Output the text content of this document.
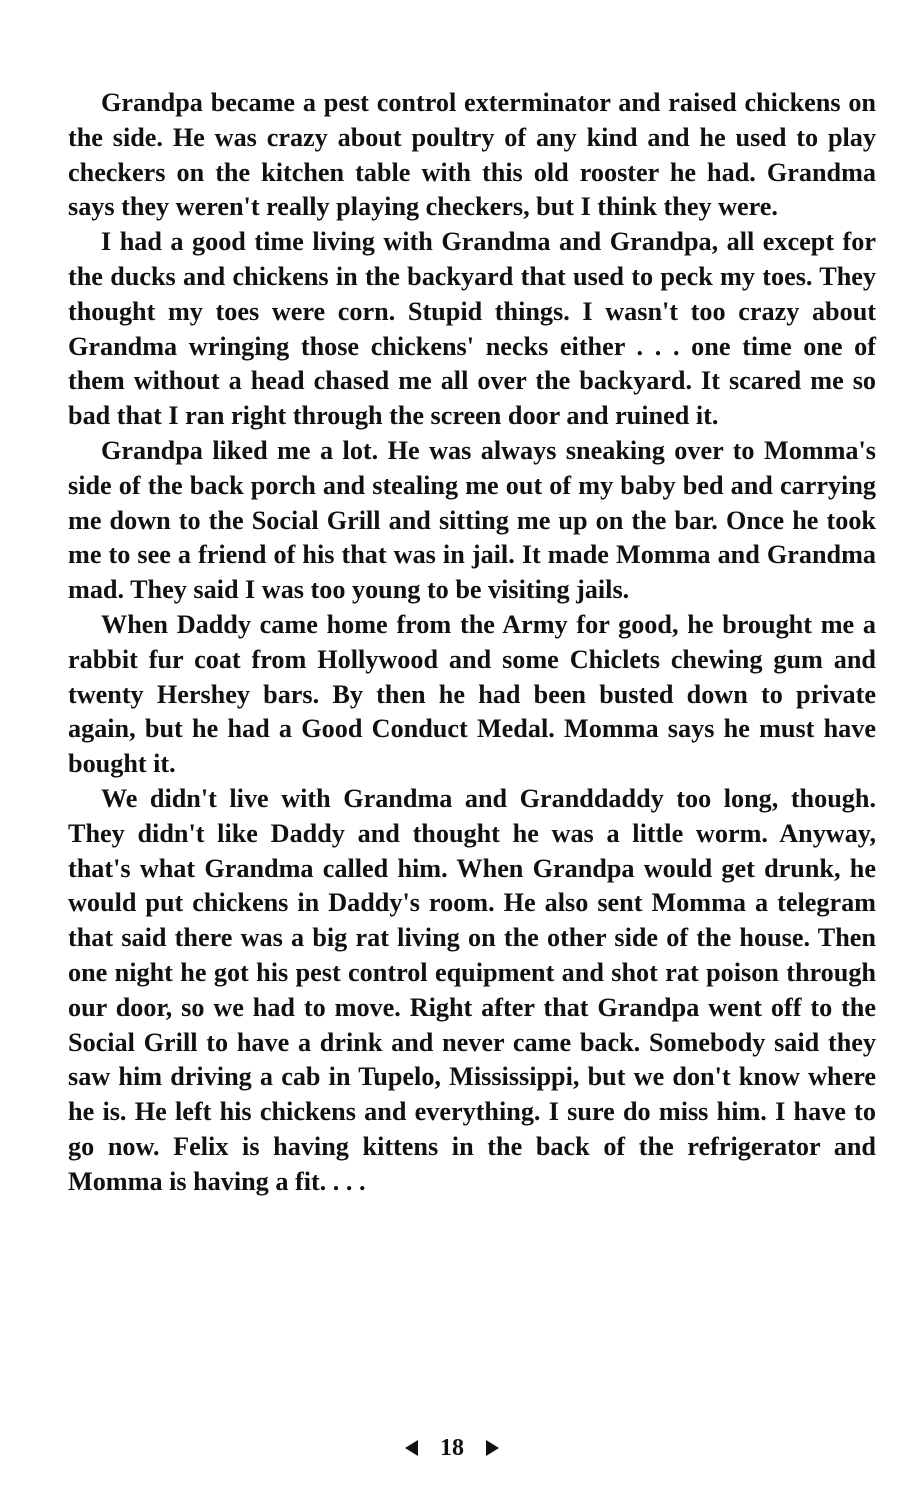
Grandpa became a pest control exterminator and raised chickens on the side. He was crazy about poultry of any kind and he used to play checkers on the kitchen table with this old rooster he had. Grandma says they weren't really playing checkers, but I think they were.

I had a good time living with Grandma and Grandpa, all except for the ducks and chickens in the backyard that used to peck my toes. They thought my toes were corn. Stupid things. I wasn't too crazy about Grandma wringing those chickens' necks either . . . one time one of them without a head chased me all over the backyard. It scared me so bad that I ran right through the screen door and ruined it.

Grandpa liked me a lot. He was always sneaking over to Momma's side of the back porch and stealing me out of my baby bed and carrying me down to the Social Grill and sitting me up on the bar. Once he took me to see a friend of his that was in jail. It made Momma and Grandma mad. They said I was too young to be visiting jails.

When Daddy came home from the Army for good, he brought me a rabbit fur coat from Hollywood and some Chiclets chewing gum and twenty Hershey bars. By then he had been busted down to private again, but he had a Good Conduct Medal. Momma says he must have bought it.

We didn't live with Grandma and Granddaddy too long, though. They didn't like Daddy and thought he was a little worm. Anyway, that's what Grandma called him. When Grandpa would get drunk, he would put chickens in Daddy's room. He also sent Momma a telegram that said there was a big rat living on the other side of the house. Then one night he got his pest control equipment and shot rat poison through our door, so we had to move. Right after that Grandpa went off to the Social Grill to have a drink and never came back. Somebody said they saw him driving a cab in Tupelo, Mississippi, but we don't know where he is. He left his chickens and everything. I sure do miss him. I have to go now. Felix is having kittens in the back of the refrigerator and Momma is having a fit. . . .

18
